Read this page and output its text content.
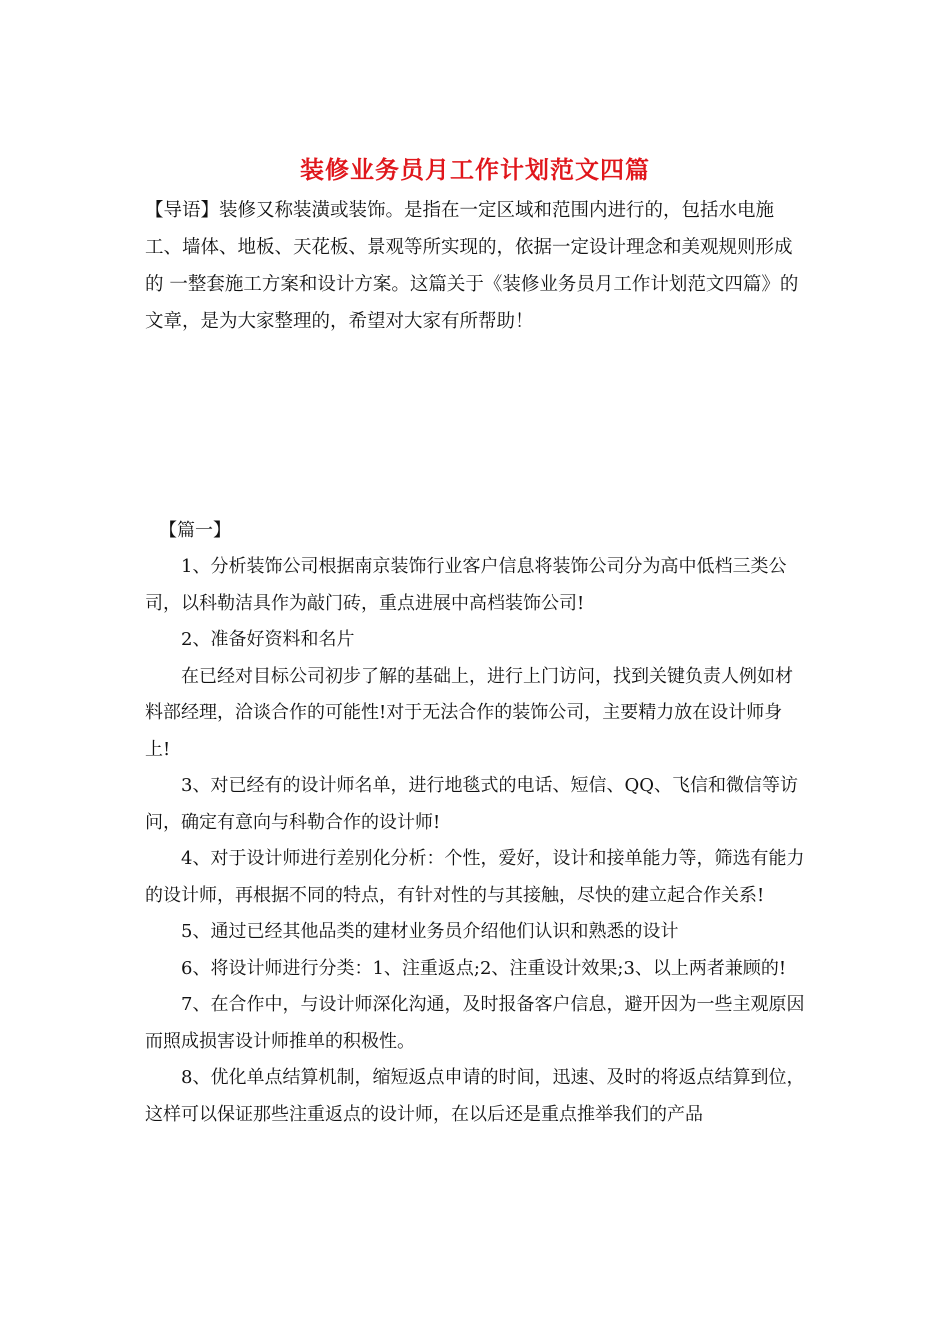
装修业务员月工作计划范文四篇

【导语】装修又称装潢或装饰。是指在一定区域和范围内进行的，包括水电施工、墙体、地板、天花板、景观等所实现的，依据一定设计理念和美观规则形成的 一整套施工方案和设计方案。这篇关于《装修业务员月工作计划范文四篇》的文章，是为大家整理的，希望对大家有所帮助！

【篇一】

1、分析装饰公司根据南京装饰行业客户信息将装饰公司分为高中低档三类公司，以科勒洁具作为敲门砖，重点进展中高档装饰公司!

2、准备好资料和名片

在已经对目标公司初步了解的基础上，进行上门访问，找到关键负责人例如材料部经理，洽谈合作的可能性!对于无法合作的装饰公司，主要精力放在设计师身上!

3、对已经有的设计师名单，进行地毯式的电话、短信、QQ、飞信和微信等访问，确定有意向与科勒合作的设计师!

4、对于设计师进行差别化分析：个性，爱好，设计和接单能力等，筛选有能力的设计师，再根据不同的特点，有针对性的与其接触，尽快的建立起合作关系!

5、通过已经其他品类的建材业务员介绍他们认识和熟悉的设计

6、将设计师进行分类：1、注重返点;2、注重设计效果;3、以上两者兼顾的!

7、在合作中，与设计师深化沟通，及时报备客户信息，避开因为一些主观原因而照成损害设计师推单的积极性。

8、优化单点结算机制，缩短返点申请的时间，迅速、及时的将返点结算到位，这样可以保证那些注重返点的设计师，在以后还是重点推举我们的产品
